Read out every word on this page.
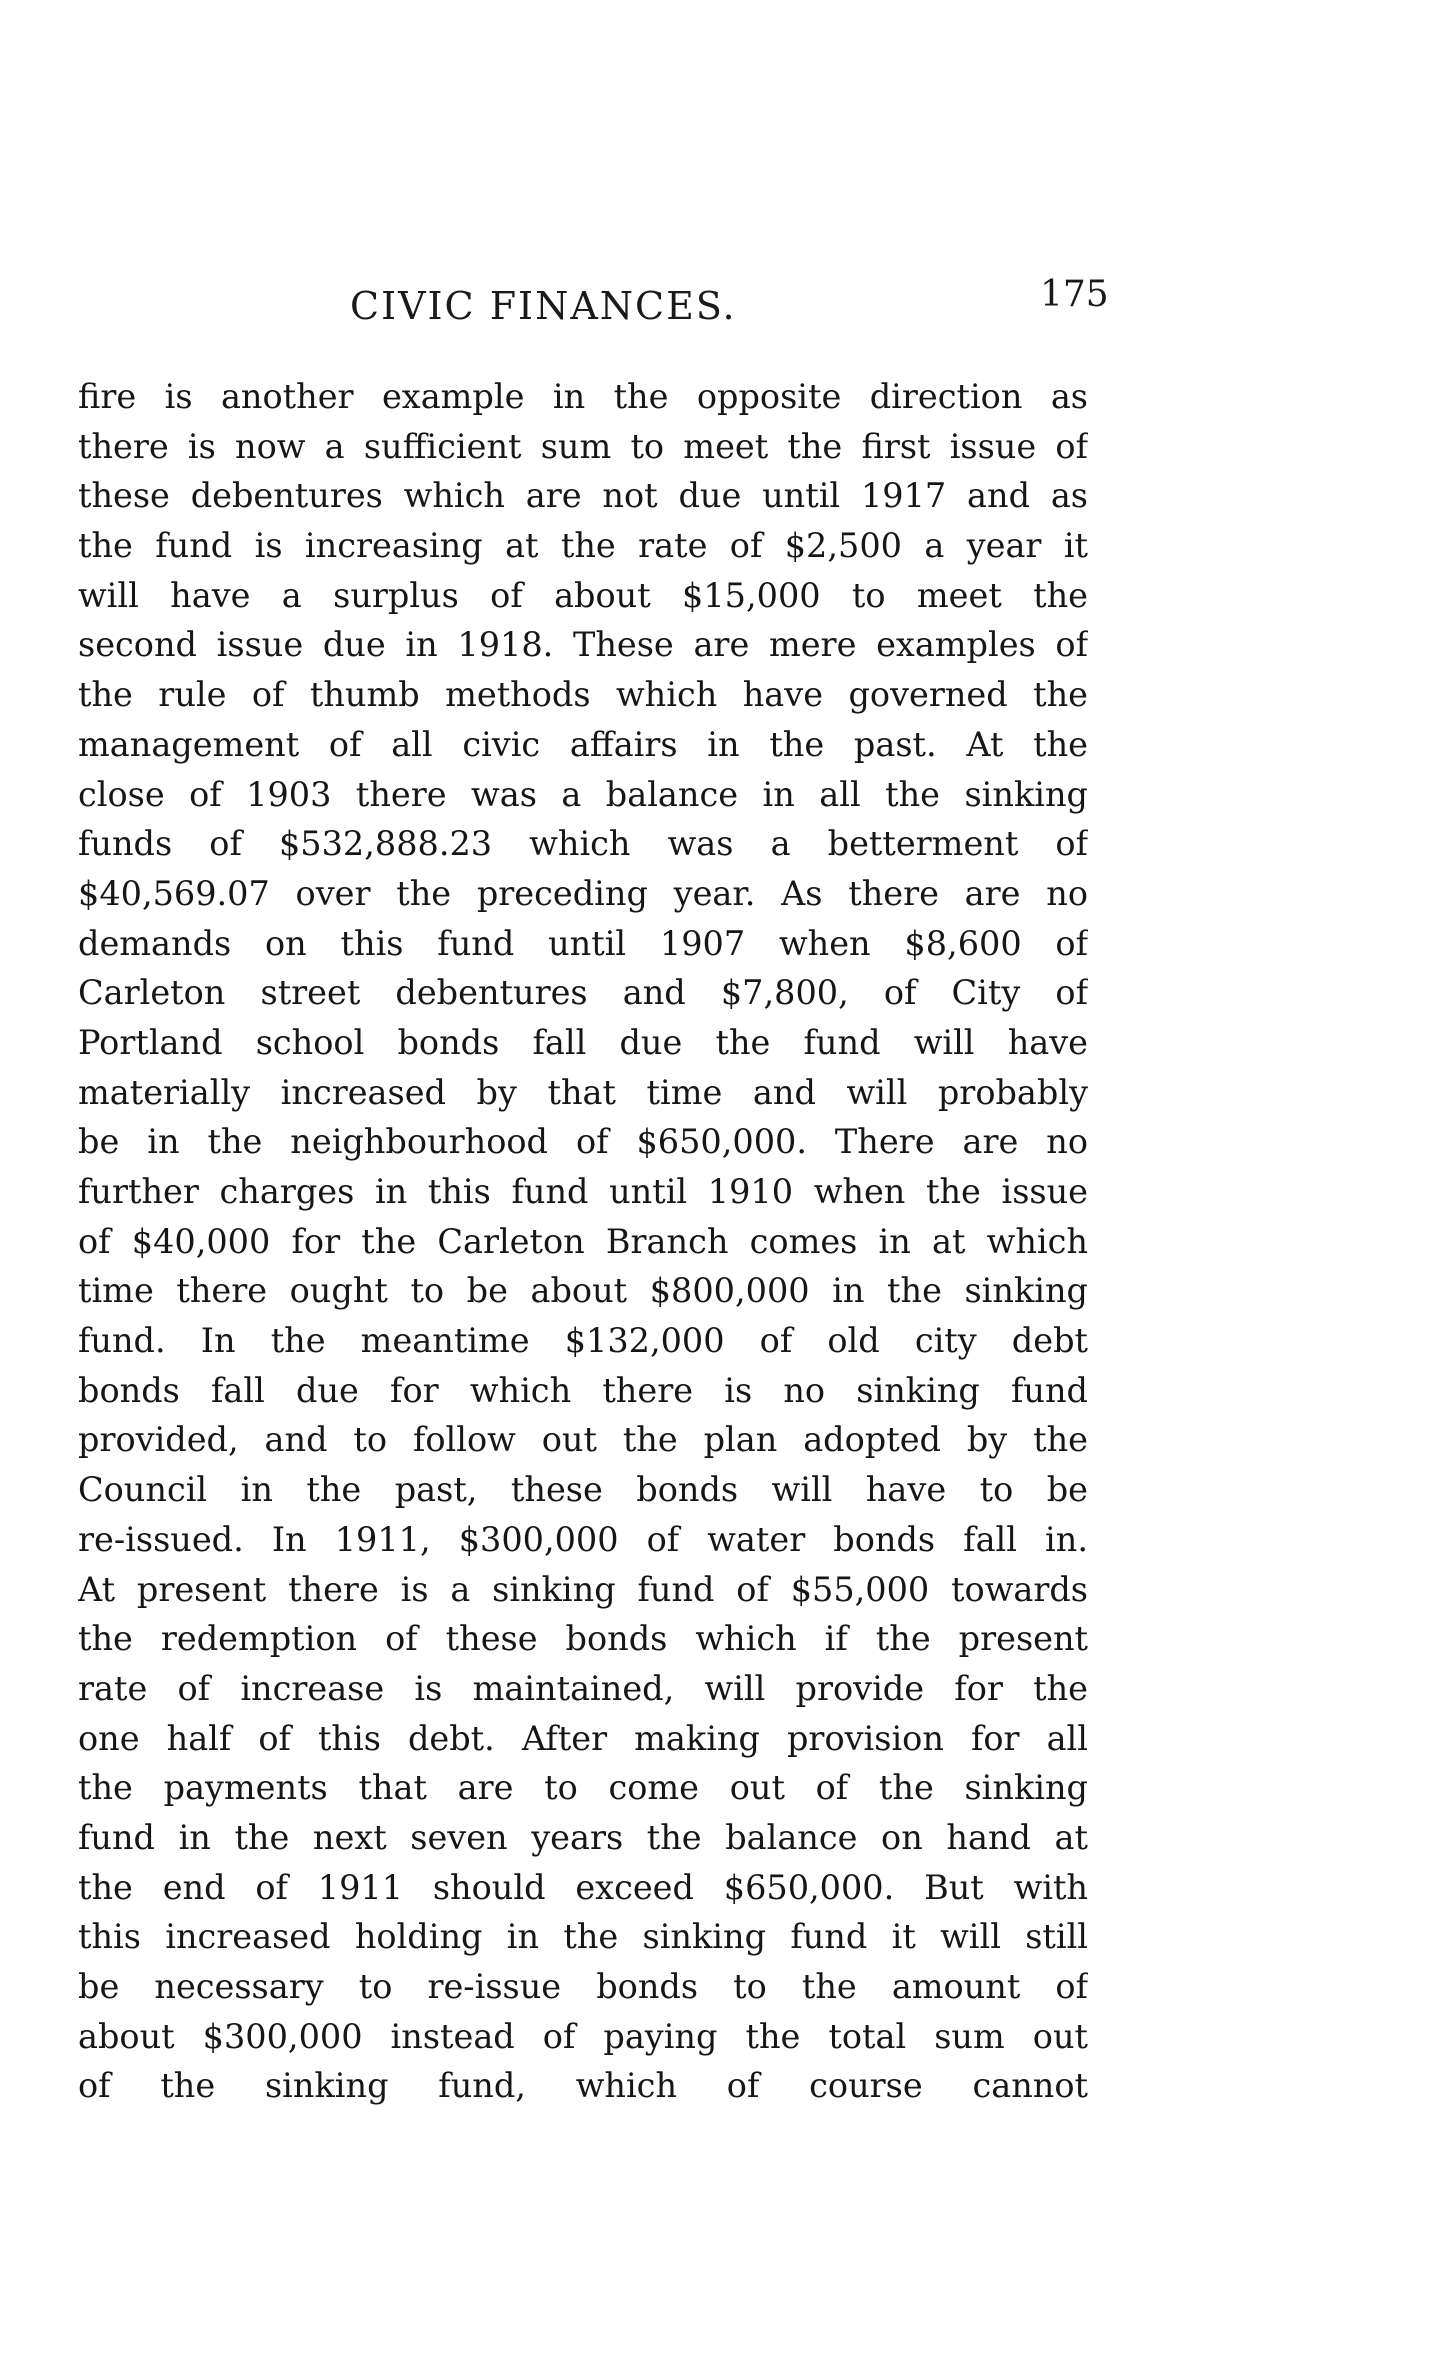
CIVIC FINANCES.	175
fire is another example in the opposite direction as
there is now a sufficient sum to meet the first issue of
these debentures which are not due until 1917 and as
the fund is increasing at the rate of $2,500 a year it
will have a surplus of about $15,000 to meet the
second issue due in 1918. These are mere examples of
the rule of thumb methods which have governed the
management of all civic affairs in the past. At the
close of 1903 there was a balance in all the sinking
funds of $532,888.23 which was a betterment of
$40,569.07 over the preceding year. As there are no
demands on this fund until 1907 when $8,600 of
Carleton street debentures and $7,800, of City of
Portland school bonds fall due the fund will have
materially increased by that time and will probably
be in the neighbourhood of $650,000. There are no
further charges in this fund until 1910 when the issue
of $40,000 for the Carleton Branch comes in at which
time there ought to be about $800,000 in the sinking
fund. In the meantime $132,000 of old city debt
bonds fall due for which there is no sinking fund
provided, and to follow out the plan adopted by the
Council in the past, these bonds will have to be
re-issued. In 1911, $300,000 of water bonds fall in.
At present there is a sinking fund of $55,000 towards
the redemption of these bonds which if the present
rate of increase is maintained, will provide for the
one half of this debt. After making provision for all
the payments that are to come out of the sinking
fund in the next seven years the balance on hand at
the end of 1911 should exceed $650,000. But with
this increased holding in the sinking fund it will still
be necessary to re-issue bonds to the amount of
about $300,000 instead of paying the total sum out
of the sinking fund, which of course cannot
